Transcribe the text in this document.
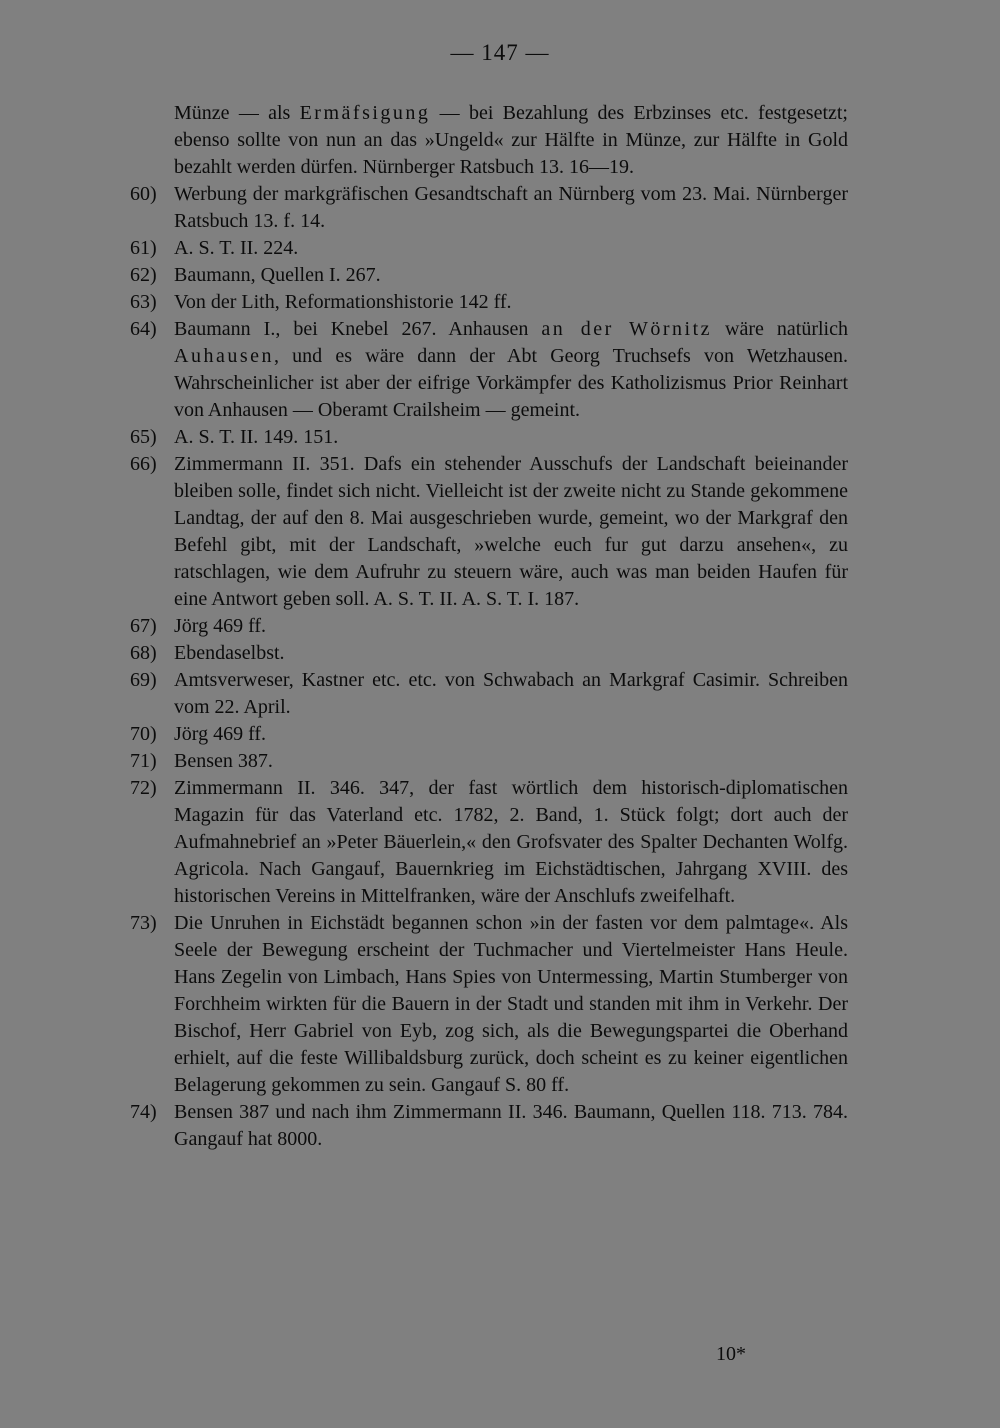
— 147 —
Münze — als Ermäfsigung — bei Bezahlung des Erbzinses etc. festgesetzt; ebenso sollte von nun an das »Ungeld« zur Hälfte in Münze, zur Hälfte in Gold bezahlt werden dürfen. Nürnberger Ratsbuch 13. 16—19.
60) Werbung der markgräfischen Gesandtschaft an Nürnberg vom 23. Mai. Nürnberger Ratsbuch 13. f. 14.
61) A. S. T. II. 224.
62) Baumann, Quellen I. 267.
63) Von der Lith, Reformationshistorie 142 ff.
64) Baumann I., bei Knebel 267. Anhausen an der Wörnitz wäre natürlich Auhausen, und es wäre dann der Abt Georg Truchsefs von Wetzhausen. Wahrscheinlicher ist aber der eifrige Vorkämpfer des Katholizismus Prior Reinhart von Anhausen — Oberamt Crailsheim — gemeint.
65) A. S. T. II. 149. 151.
66) Zimmermann II. 351. Dafs ein stehender Ausschufs der Landschaft beieinander bleiben solle, findet sich nicht. Vielleicht ist der zweite nicht zu Stande gekommene Landtag, der auf den 8. Mai ausgeschrieben wurde, gemeint, wo der Markgraf den Befehl gibt, mit der Landschaft, »welche euch fur gut darzu ansehen«, zu ratschlagen, wie dem Aufruhr zu steuern wäre, auch was man beiden Haufen für eine Antwort geben soll. A. S. T. II. A. S. T. I. 187.
67) Jörg 469 ff.
68) Ebendaselbst.
69) Amtsverweser, Kastner etc. etc. von Schwabach an Markgraf Casimir. Schreiben vom 22. April.
70) Jörg 469 ff.
71) Bensen 387.
72) Zimmermann II. 346. 347, der fast wörtlich dem historisch-diplomatischen Magazin für das Vaterland etc. 1782, 2. Band, 1. Stück folgt; dort auch der Aufmahnebrief an »Peter Bäuerlein,« den Grofsvater des Spalter Dechanten Wolfg. Agricola. Nach Gangauf, Bauernkrieg im Eichstädtischen, Jahrgang XVIII. des historischen Vereins in Mittelfranken, wäre der Anschlufs zweifelhaft.
73) Die Unruhen in Eichstädt begannen schon »in der fasten vor dem palmtage«. Als Seele der Bewegung erscheint der Tuchmacher und Viertelmeister Hans Heule. Hans Zegelin von Limbach, Hans Spies von Untermessing, Martin Stumberger von Forchheim wirkten für die Bauern in der Stadt und standen mit ihm in Verkehr. Der Bischof, Herr Gabriel von Eyb, zog sich, als die Bewegungspartei die Oberhand erhielt, auf die feste Willibaldsburg zurück, doch scheint es zu keiner eigentlichen Belagerung gekommen zu sein. Gangauf S. 80 ff.
74) Bensen 387 und nach ihm Zimmermann II. 346. Baumann, Quellen 118. 713. 784. Gangauf hat 8000.
10*
